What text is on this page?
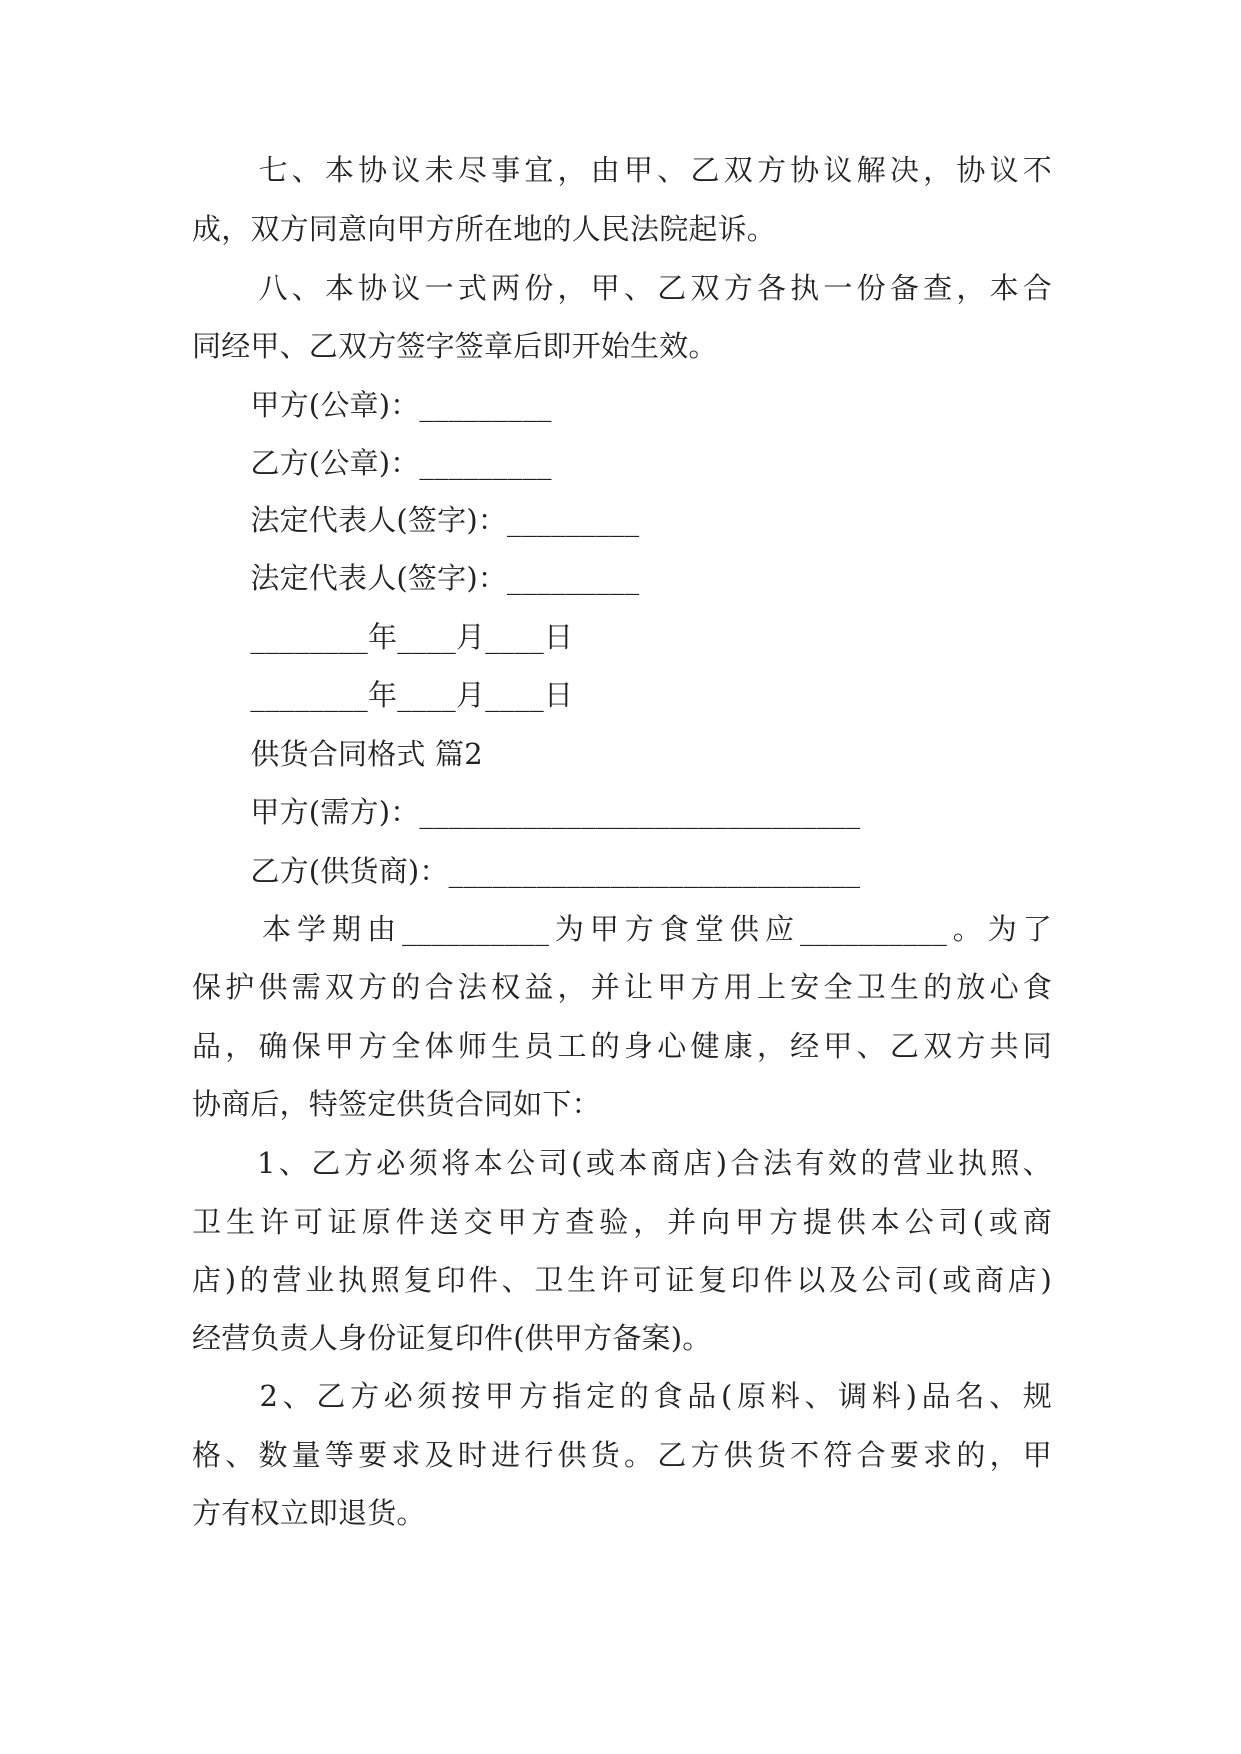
　　七、本协议未尽事宜，由甲、乙双方协议解决，协议不
成，双方同意向甲方所在地的人民法院起诉。
　　八、本协议一式两份，甲、乙双方各执一份备查，本合
同经甲、乙双方签字签章后即开始生效。
　　甲方(公章)：_________
　　乙方(公章)：_________
　　法定代表人(签字)：_________
　　法定代表人(签字)：_________
　　________年____月____日
　　________年____月____日
　　供货合同格式 篇2
　　甲方(需方)：______________________________
　　乙方(供货商)：____________________________
　　本学期由__________为甲方食堂供应__________。为了
保护供需双方的合法权益，并让甲方用上安全卫生的放心食
品，确保甲方全体师生员工的身心健康，经甲、乙双方共同
协商后，特签定供货合同如下：
　　1、乙方必须将本公司(或本商店)合法有效的营业执照、
卫生许可证原件送交甲方查验，并向甲方提供本公司(或商
店)的营业执照复印件、卫生许可证复印件以及公司(或商店)
经营负责人身份证复印件(供甲方备案)。
　　2、乙方必须按甲方指定的食品(原料、调料)品名、规
格、数量等要求及时进行供货。乙方供货不符合要求的，甲
方有权立即退货。
